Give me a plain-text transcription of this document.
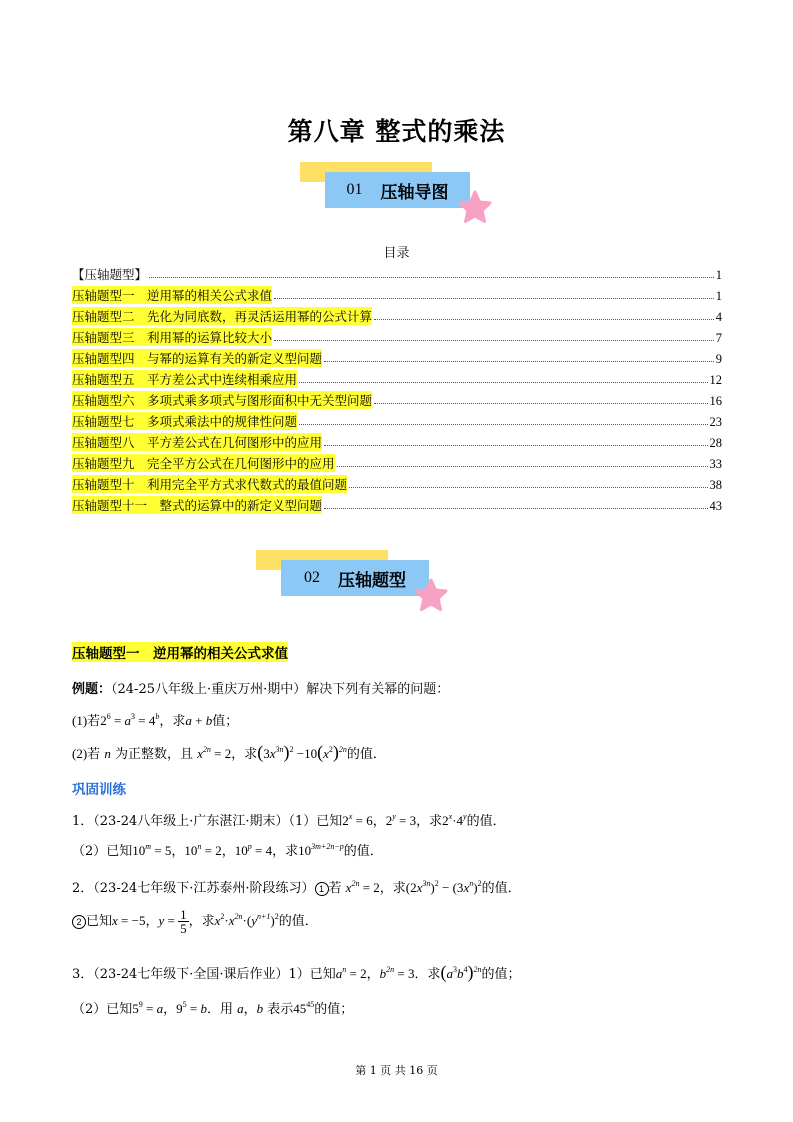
第八章 整式的乘法
01 压轴导图
目录
【压轴题型】	1
压轴题型一　逆用幂的相关公式求值	1
压轴题型二　先化为同底数，再灵活运用幂的公式计算	4
压轴题型三　利用幂的运算比较大小	7
压轴题型四　与幂的运算有关的新定义型问题	9
压轴题型五　平方差公式中连续相乘应用	12
压轴题型六　多项式乘多项式与图形面积中无关型问题	16
压轴题型七　多项式乘法中的规律性问题	23
压轴题型八　平方差公式在几何图形中的应用	28
压轴题型九　完全平方公式在几何图形中的应用	33
压轴题型十　利用完全平方式求代数式的最值问题	38
压轴题型十一　整式的运算中的新定义型问题	43
02 压轴题型
压轴题型一　逆用幂的相关公式求值
例题：（24-25八年级上·重庆万州·期中）解决下列有关幂的问题：
(1)若$2^6 = a^3 = 4^b$，求a + b值；
(2)若 n 为正整数，且 $x^{2n} = 2$，求$(3x^{3n})^2 -10(x^2)^{2n}$的值．
巩固训练
1．（23-24八年级上·广东湛江·期末）（1）已知$2^x = 6$，$2^y = 3$，求$2^x\cdot 4^y$的值．
（2）已知$10^m = 5$，$10^n = 2$，$10^p = 4$，求$10^{3m+2n-p}$的值．
2．（23-24七年级下·江苏泰州·阶段练习） 1 若 $x^{2n} = 2$，求$(2x^{3n})^2 - (3x^n)^2$的值．
2 已知x = −5，$y = \frac{1}{5}$ ，求$x^2\cdot x^{2n}\cdot(y^{n+1})^2$的值．
3．（23-24七年级下·全国·课后作业）1）已知$a^n = 2$，$b^{2n} = 3$．求$(a^3b^4)^{2n}$的值；
（2）已知$5^9 = a$，$9^5 = b$．用 a，b 表示$45^{45}$的值；
第 1 页 共 16 页
